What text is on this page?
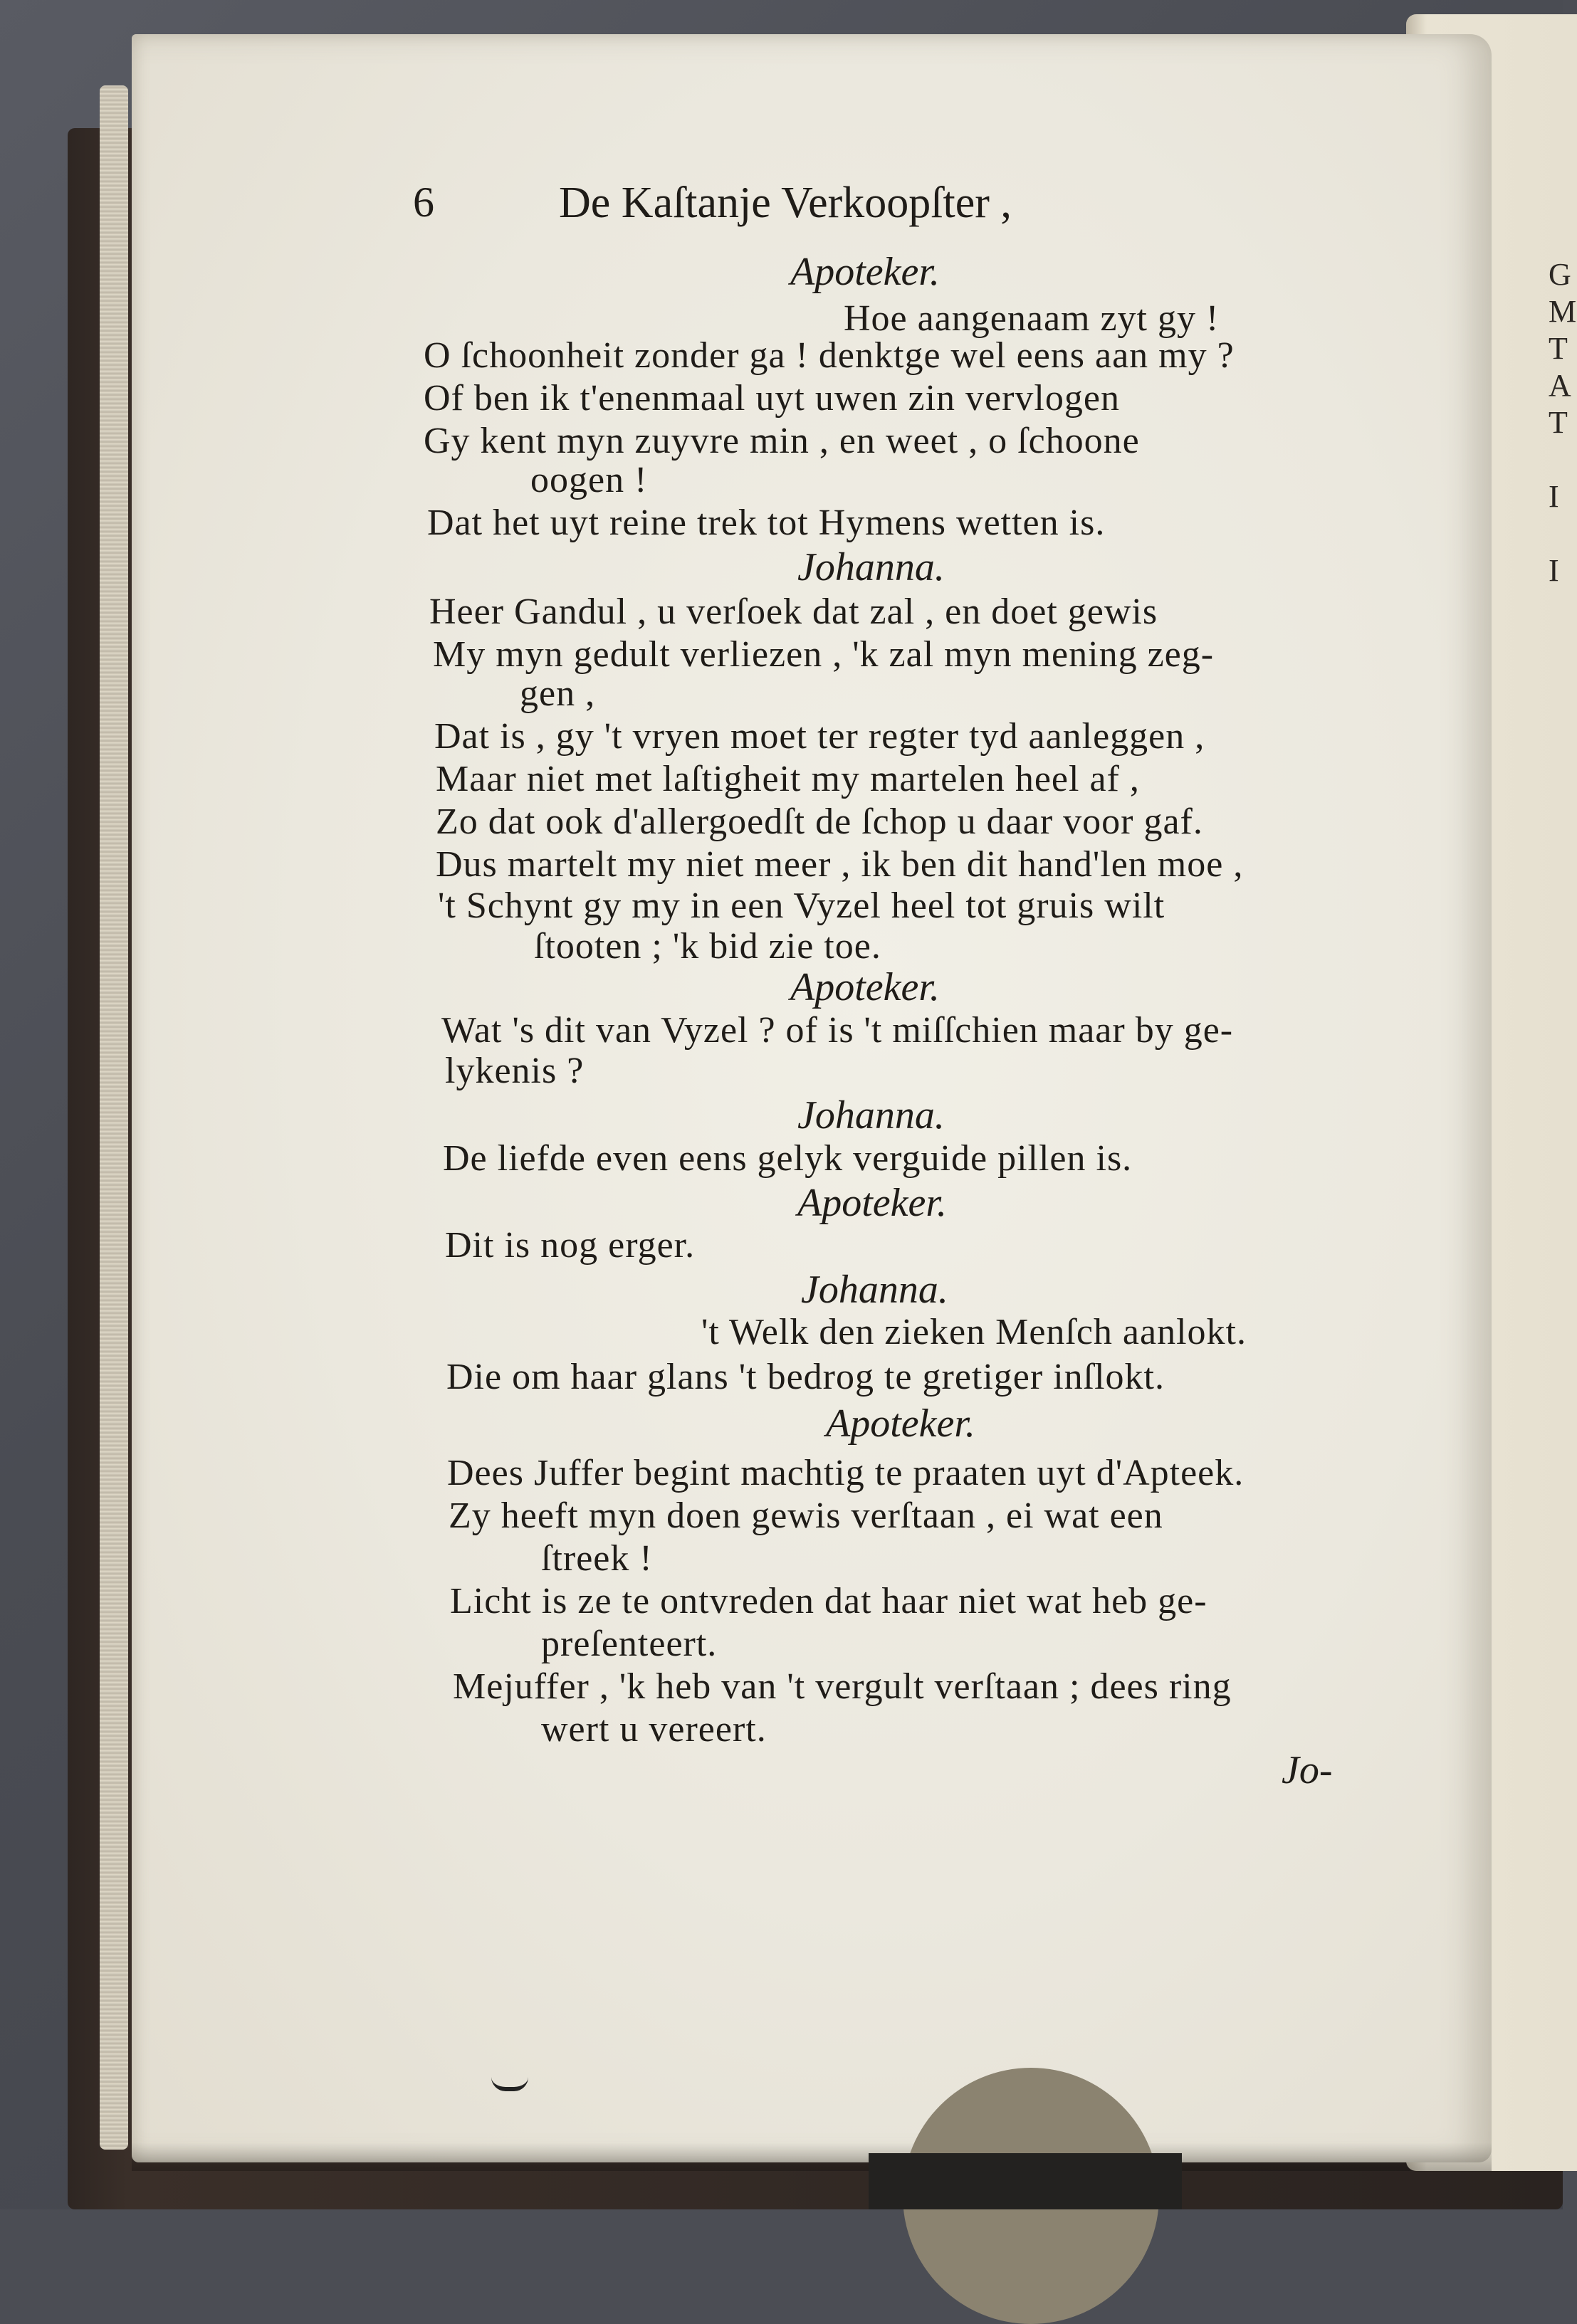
G
M
T
A
T

I

I
6	De Kaſtanje Verkoopſter ,
Apoteker.
Hoe aangenaam zyt gy !
O ſchoonheit zonder ga ! denktge wel eens aan my ?
Of ben ik t'enenmaal uyt uwen zin vervlogen
Gy kent myn zuyvre min , en weet , o ſchoone
oogen !
Dat het uyt reine trek tot Hymens wetten is.
Johanna.
Heer Gandul , u verſoek dat zal , en doet gewis
My myn gedult verliezen , 'k zal myn mening zeg-
gen ,
Dat is , gy 't vryen moet ter regter tyd aanleggen ,
Maar niet met laſtigheit my martelen heel af ,
Zo dat ook d'allergoedſt de ſchop u daar voor gaf.
Dus martelt my niet meer , ik ben dit hand'len moe ,
't Schynt gy my in een Vyzel heel tot gruis wilt
ſtooten ; 'k bid zie toe.
Apoteker.
Wat 's dit van Vyzel ? of is 't miſſchien maar by ge-
lykenis ?
Johanna.
De liefde even eens gelyk verguide pillen is.
Apoteker.
Dit is nog erger.
Johanna.
't Welk den zieken Menſch aanlokt.
Die om haar glans 't bedrog te gretiger inſlokt.
Apoteker.
Dees Juffer begint machtig te praaten uyt d'Apteek.
Zy heeft myn doen gewis verſtaan , ei wat een
ſtreek !
Licht is ze te ontvreden dat haar niet wat heb ge-
preſenteert.
Mejuffer , 'k heb van 't vergult verſtaan ; dees ring
wert u vereert.
Jo-
